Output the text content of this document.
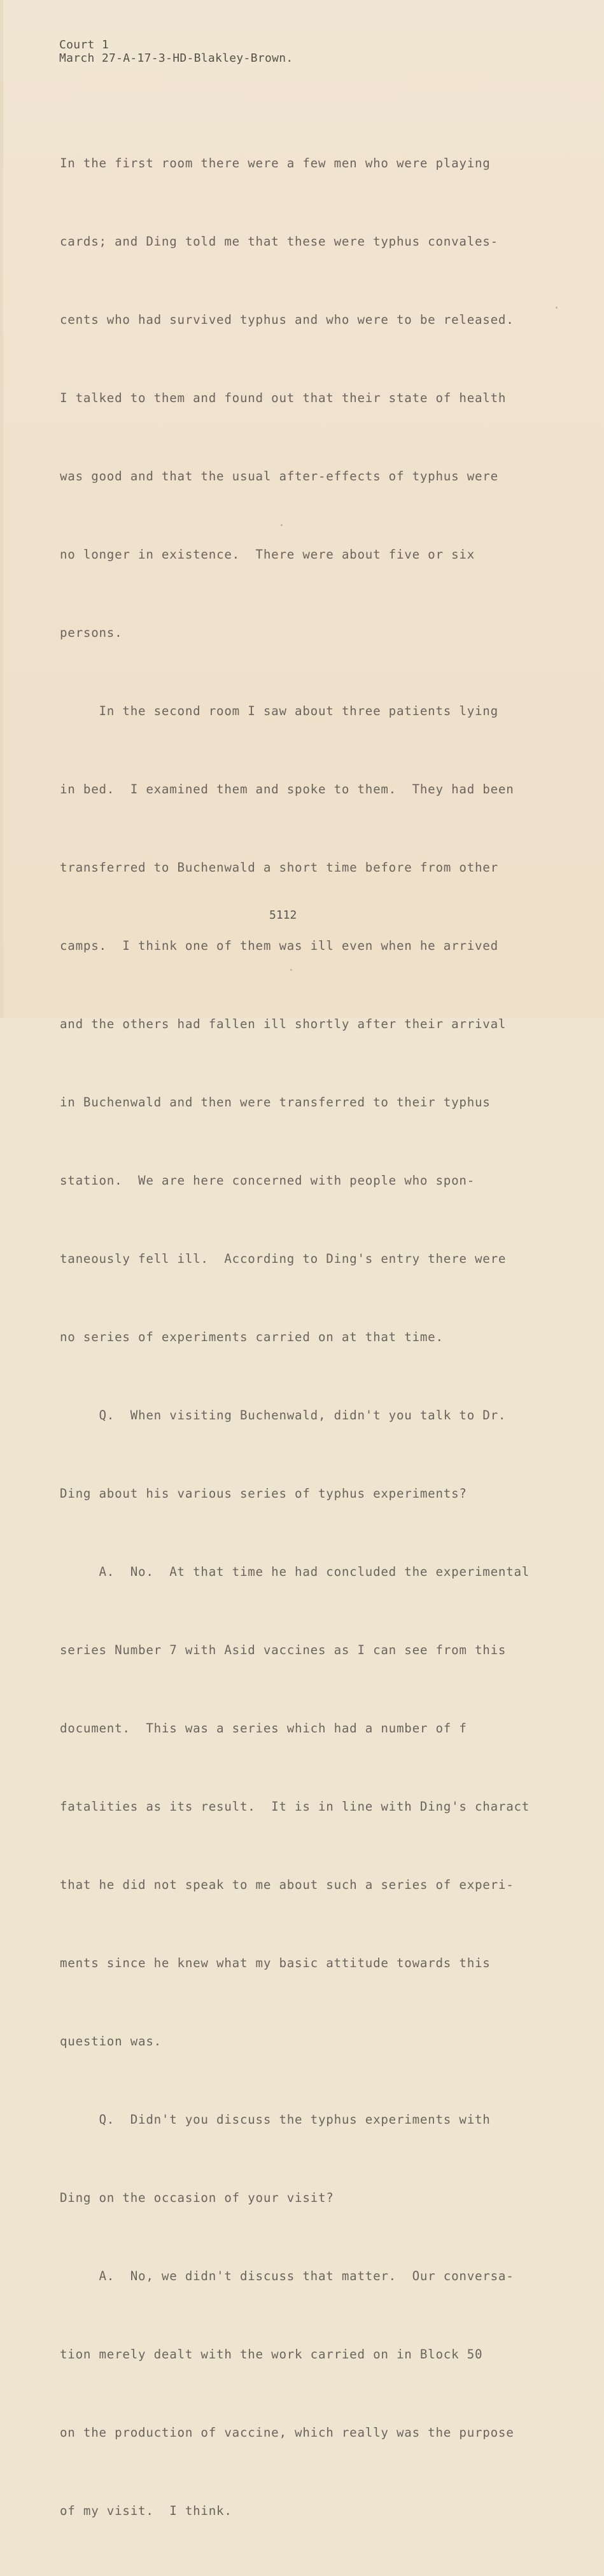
Court 1
March 27-A-17-3-HD-Blakley-Brown.

In the first room there were a few men who were playing

cards; and Ding told me that these were typhus convales-

cents who had survived typhus and who were to be released.

I talked to them and found out that their state of health

was good and that the usual after-effects of typhus were

no longer in existence.  There were about five or six

persons.

In the second room I saw about three patients lying

in bed.  I examined them and spoke to them.  They had been

transferred to Buchenwald a short time before from other

camps.  I think one of them was ill even when he arrived

and the others had fallen ill shortly after their arrival

in Buchenwald and then were transferred to their typhus

station.  We are here concerned with people who spon-

taneously fell ill.  According to Ding's entry there were

no series of experiments carried on at that time.

Q.  When visiting Buchenwald, didn't you talk to Dr.

Ding about his various series of typhus experiments?

A.  No.  At that time he had concluded the experimental

series Number 7 with Asid vaccines as I can see from this

document.  This was a series which had a number of f

fatalities as its result.  It is in line with Ding's charact

that he did not speak to me about such a series of experi-

ments since he knew what my basic attitude towards this

question was.

Q.  Didn't you discuss the typhus experiments with

Ding on the occasion of your visit?

A.  No, we didn't discuss that matter.  Our conversa-

tion merely dealt with the work carried on in Block 50

on the production of vaccine, which really was the purpose

of my visit.  I think.

5112
